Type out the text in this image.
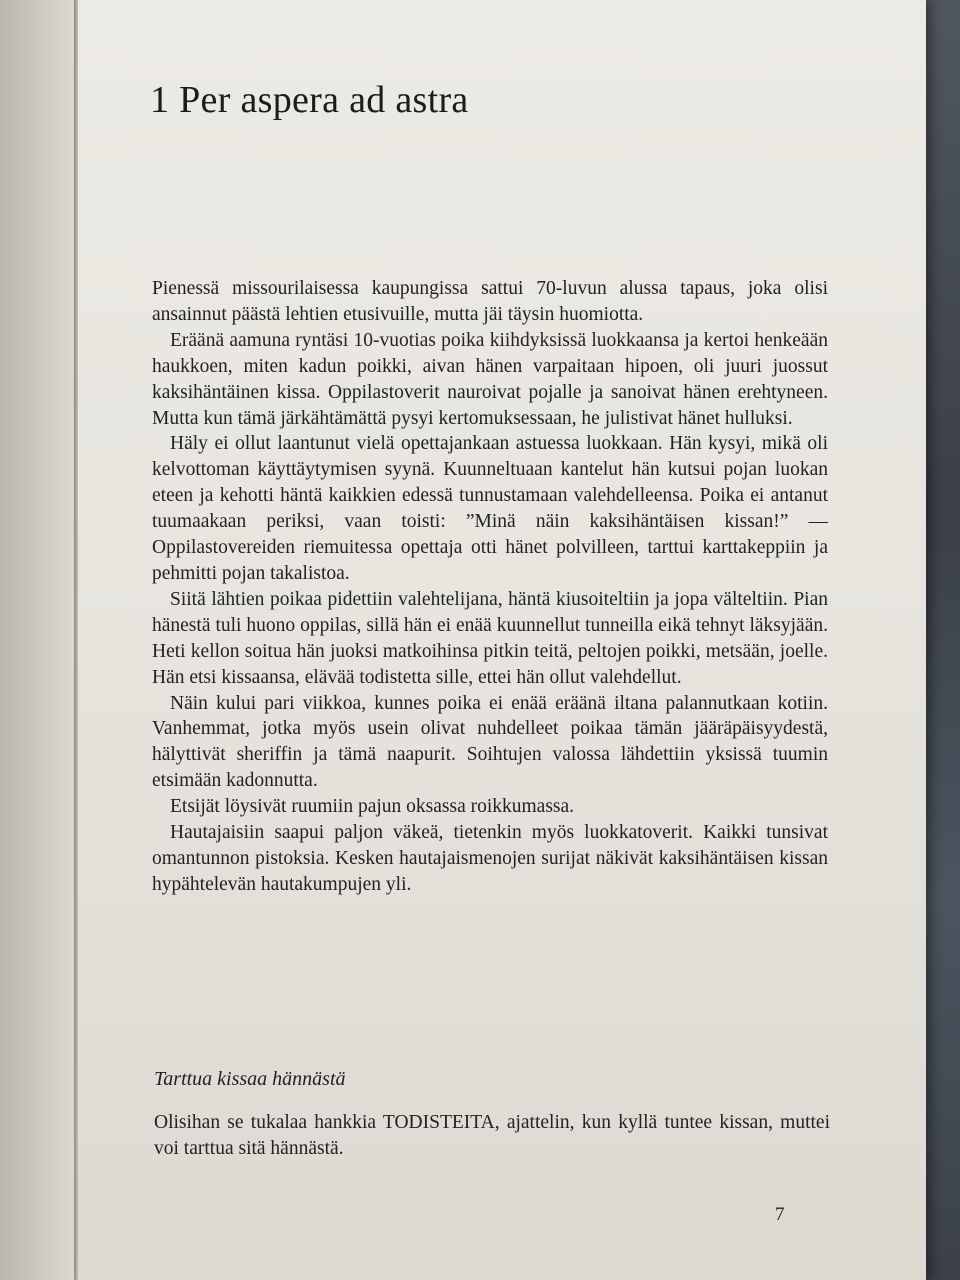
1 Per aspera ad astra

Pienessä missourilaisessa kaupungissa sattui 70-luvun alussa tapaus, joka olisi ansainnut päästä lehtien etusivuille, mutta jäi täysin huomiotta.

Eräänä aamuna ryntäsi 10-vuotias poika kiihdyksissä luokkaansa ja kertoi henkeään haukkoen, miten kadun poikki, aivan hänen varpaitaan hipoen, oli juuri juossut kaksihäntäinen kissa. Oppilastoverit nauroivat pojalle ja sanoivat hänen erehtyneen. Mutta kun tämä järkähtämättä pysyi kertomuksessaan, he julistivat hänet hulluksi.

Häly ei ollut laantunut vielä opettajankaan astuessa luokkaan. Hän kysyi, mikä oli kelvottoman käyttäytymisen syynä. Kuunneltuaan kantelut hän kutsui pojan luokan eteen ja kehotti häntä kaikkien edessä tunnustamaan valehdelleensa. Poika ei antanut tuumaakaan periksi, vaan toisti: ”Minä näin kaksihäntäisen kissan!” — Oppilastovereiden riemuitessa opettaja otti hänet polvilleen, tarttui karttakeppiin ja pehmitti pojan takalistoa.

Siitä lähtien poikaa pidettiin valehtelijana, häntä kiusoiteltiin ja jopa välteltiin. Pian hänestä tuli huono oppilas, sillä hän ei enää kuunnellut tunneilla eikä tehnyt läksyjään. Heti kellon soitua hän juoksi matkoihinsa pitkin teitä, peltojen poikki, metsään, joelle. Hän etsi kissaansa, elävää todistetta sille, ettei hän ollut valehdellut.

Näin kului pari viikkoa, kunnes poika ei enää eräänä iltana palannutkaan kotiin. Vanhemmat, jotka myös usein olivat nuhdelleet poikaa tämän jääräpäisyydestä, hälyttivät sheriffin ja tämä naapurit. Soihtujen valossa lähdettiin yksissä tuumin etsimään kadonnutta.

Etsijät löysivät ruumiin pajun oksassa roikkumassa.

Hautajaisiin saapui paljon väkeä, tietenkin myös luokkatoverit. Kaikki tunsivat omantunnon pistoksia. Kesken hautajaismenojen surijat näkivät kaksihäntäisen kissan hypähtelevän hautakumpujen yli.

Tarttua kissaa hännästä

Olisihan se tukalaa hankkia TODISTEITA, ajattelin, kun kyllä tuntee kissan, muttei voi tarttua sitä hännästä.

7
